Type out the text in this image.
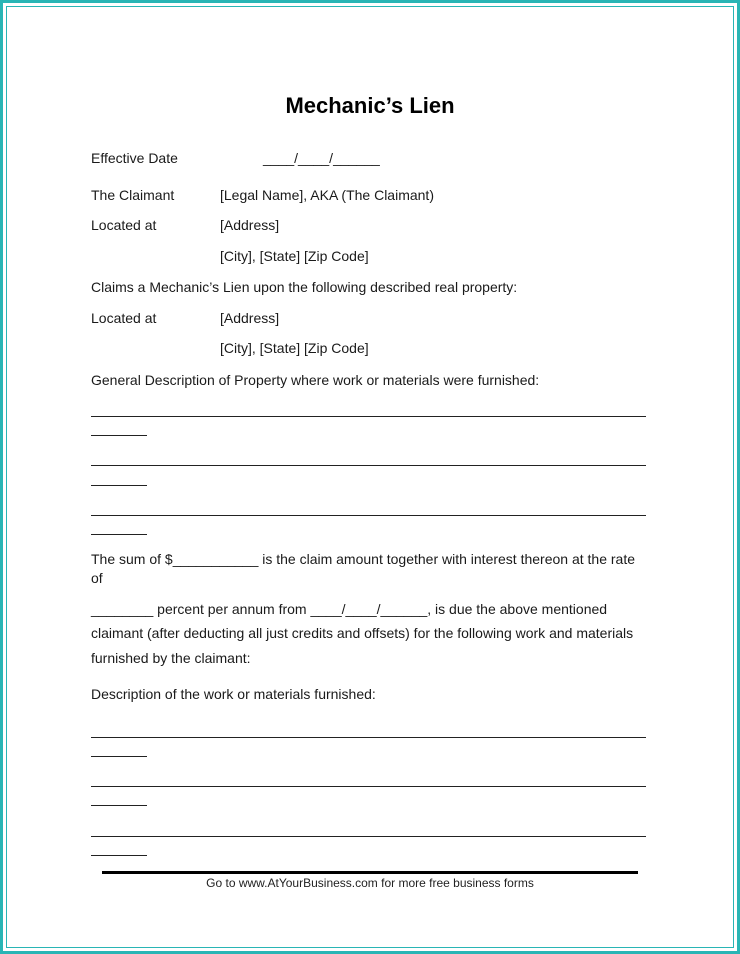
Mechanic’s Lien
Effective Date	____/____/______
The Claimant	[Legal Name], AKA (The Claimant)
Located at	[Address]
[City], [State] [Zip Code]
Claims a Mechanic’s Lien upon the following described real property:
Located at	[Address]
[City], [State] [Zip Code]
General Description of Property where work or materials were furnished:
The sum of $___________ is the claim amount together with interest thereon at the rate
of
________ percent per annum from ____/____/______, is due the above mentioned
claimant (after deducting all just credits and offsets) for the following work and materials
furnished by the claimant:
Description of the work or materials furnished:
Go to www.AtYourBusiness.com for more free business forms
